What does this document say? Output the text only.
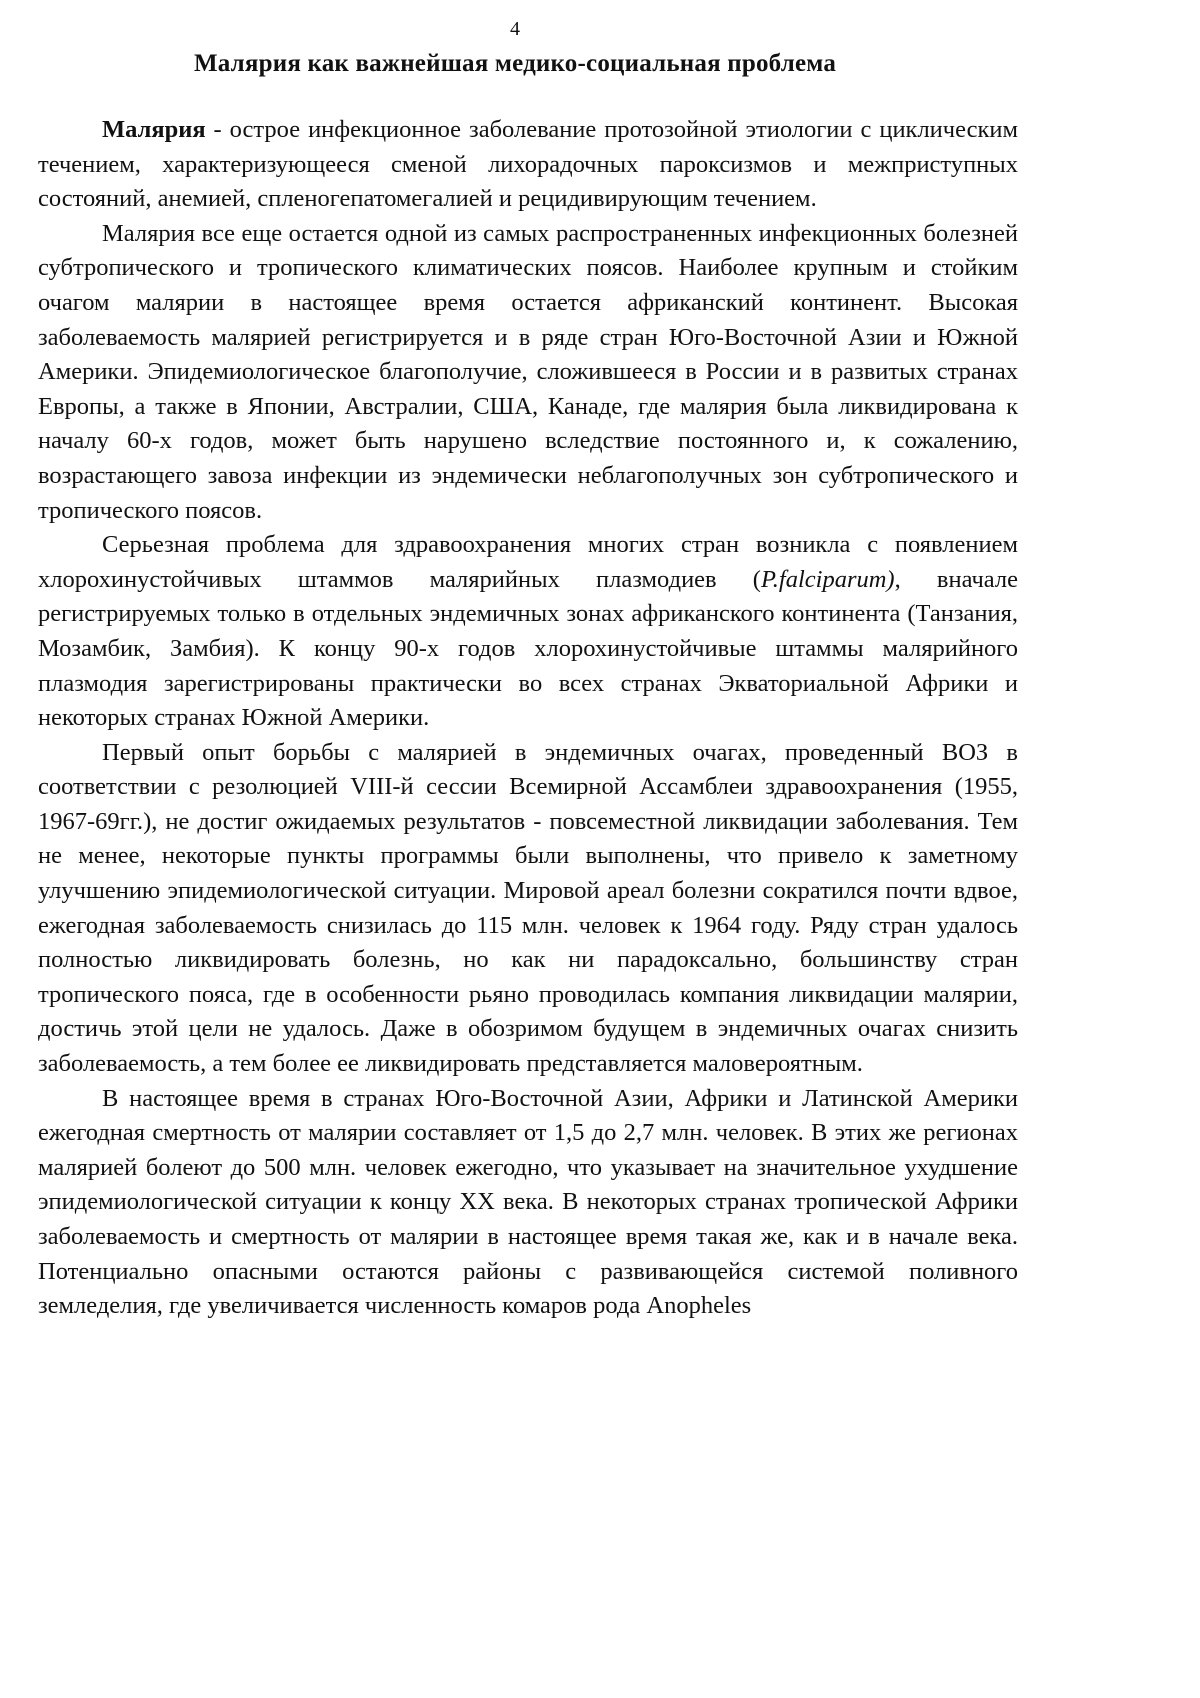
4
Малярия как важнейшая медико-социальная проблема

Малярия - острое инфекционное заболевание протозойной этиологии с циклическим течением, характеризующееся сменой лихорадочных пароксизмов и межприступных состояний, анемией, спленогепатомегалией и рецидивирующим течением.

Малярия все еще остается одной из самых распространенных инфекционных болезней субтропического и тропического климатических поясов. Наиболее крупным и стойким очагом малярии в настоящее время остается африканский континент. Высокая заболеваемость малярией регистрируется и в ряде стран Юго-Восточной Азии и Южной Америки. Эпидемиологическое благополучие, сложившееся в России и в развитых странах Европы, а также в Японии, Австралии, США, Канаде, где малярия была ликвидирована к началу 60-х годов, может быть нарушено вследствие постоянного и, к сожалению, возрастающего завоза инфекции из эндемически неблагополучных зон субтропического и тропического поясов.

Серьезная проблема для здравоохранения многих стран возникла с появлением хлорохинустойчивых штаммов малярийных плазмодиев (P.falciparum), вначале регистрируемых только в отдельных эндемичных зонах африканского континента (Танзания, Мозамбик, Замбия). К концу 90-х годов хлорохинустойчивые штаммы малярийного плазмодия зарегистрированы практически во всех странах Экваториальной Африки и некоторых странах Южной Америки.

Первый опыт борьбы с малярией в эндемичных очагах, проведенный ВОЗ в соответствии с резолюцией VIII-й сессии Всемирной Ассамблеи здравоохранения (1955, 1967-69гг.), не достиг ожидаемых результатов - повсеместной ликвидации заболевания. Тем не менее, некоторые пункты программы были выполнены, что привело к заметному улучшению эпидемиологической ситуации. Мировой ареал болезни сократился почти вдвое, ежегодная заболеваемость снизилась до 115 млн. человек к 1964 году. Ряду стран удалось полностью ликвидировать болезнь, но как ни парадоксально, большинству стран тропического пояса, где в особенности рьяно проводилась компания ликвидации малярии, достичь этой цели не удалось. Даже в обозримом будущем в эндемичных очагах снизить заболеваемость, а тем более ее ликвидировать представляется маловероятным.

В настоящее время в странах Юго-Восточной Азии, Африки и Латинской Америки ежегодная смертность от малярии составляет от 1,5 до 2,7 млн. человек. В этих же регионах малярией болеют до 500 млн. человек ежегодно, что указывает на значительное ухудшение эпидемиологической ситуации к концу XX века. В некоторых странах тропической Африки заболеваемость и смертность от малярии в настоящее время такая же, как и в начале века. Потенциально опасными остаются районы с развивающейся системой поливного земледелия, где увеличивается численность комаров рода Anopheles
